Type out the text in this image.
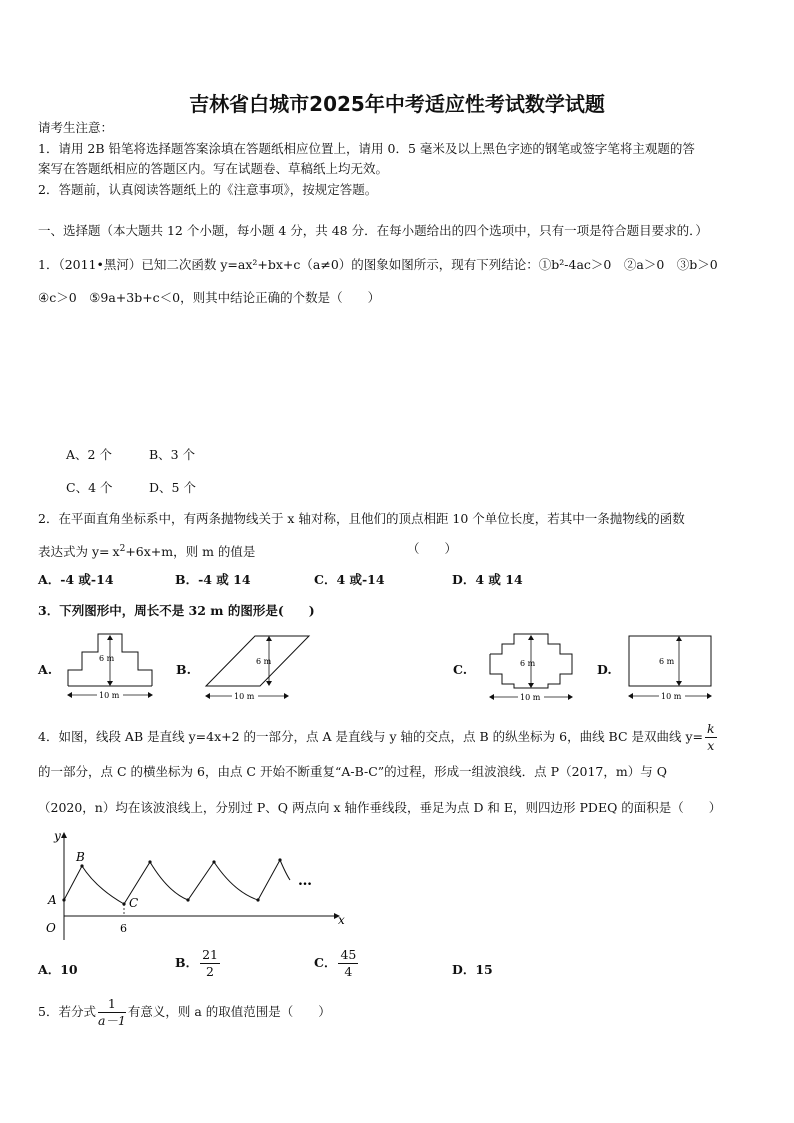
吉林省白城市2025年中考适应性考试数学试题
请考生注意：
1．请用 2B 铅笔将选择题答案涂填在答题纸相应位置上，请用 0．5 毫米及以上黑色字迹的钢笔或签字笔将主观题的答
案写在答题纸相应的答题区内。写在试题卷、草稿纸上均无效。
2．答题前，认真阅读答题纸上的《注意事项》，按规定答题。
一、选择题（本大题共 12 个小题，每小题 4 分，共 48 分．在每小题给出的四个选项中，只有一项是符合题目要求的．）
1．（2011•黑河）已知二次函数 y=ax²+bx+c（a≠0）的图象如图所示，现有下列结论：①b²-4ac＞0　②a＞0　③b＞0
④c＞0　⑤9a+3b+c＜0，则其中结论正确的个数是（　　）
A、2 个	B、3 个
C、4 个	D、5 个
2．在平面直角坐标系中，有两条抛物线关于 x 轴对称，且他们的顶点相距 10 个单位长度，若其中一条抛物线的函数
表达式为 $y= x^2+6x+m$，则 m 的值是	（　　）
A．-4 或-14	B．-4 或 14	C．4 或-14	D．4 或 14
3．下列图形中，周长不是 32 m 的图形是(　　)
A.	B.	C.	D.
6 m
10 m
6 m
10 m
6 m
10 m
6 m
10 m
4．如图，线段 AB 是直线 y=4x+2 的一部分，点 A 是直线与 y 轴的交点，点 B 的纵坐标为 6，曲线 BC 是双曲线 $y= \frac{k}{x}$
的一部分，点 C 的横坐标为 6，由点 C 开始不断重复“A-B-C”的过程，形成一组波浪线．点 P（2017，m）与 Q
（2020，n）均在该波浪线上，分别过 P、Q 两点向 x 轴作垂线段，垂足为点 D 和 E，则四边形 PDEQ 的面积是（　　）
y
x
O
A
B
C
6
…
A．10	B． $\frac{21}{2}$	C． $\frac{45}{4}$	D．15
5．若分式 $\frac{1}{a-1}$ 有意义，则 a 的取值范围是（　　）
